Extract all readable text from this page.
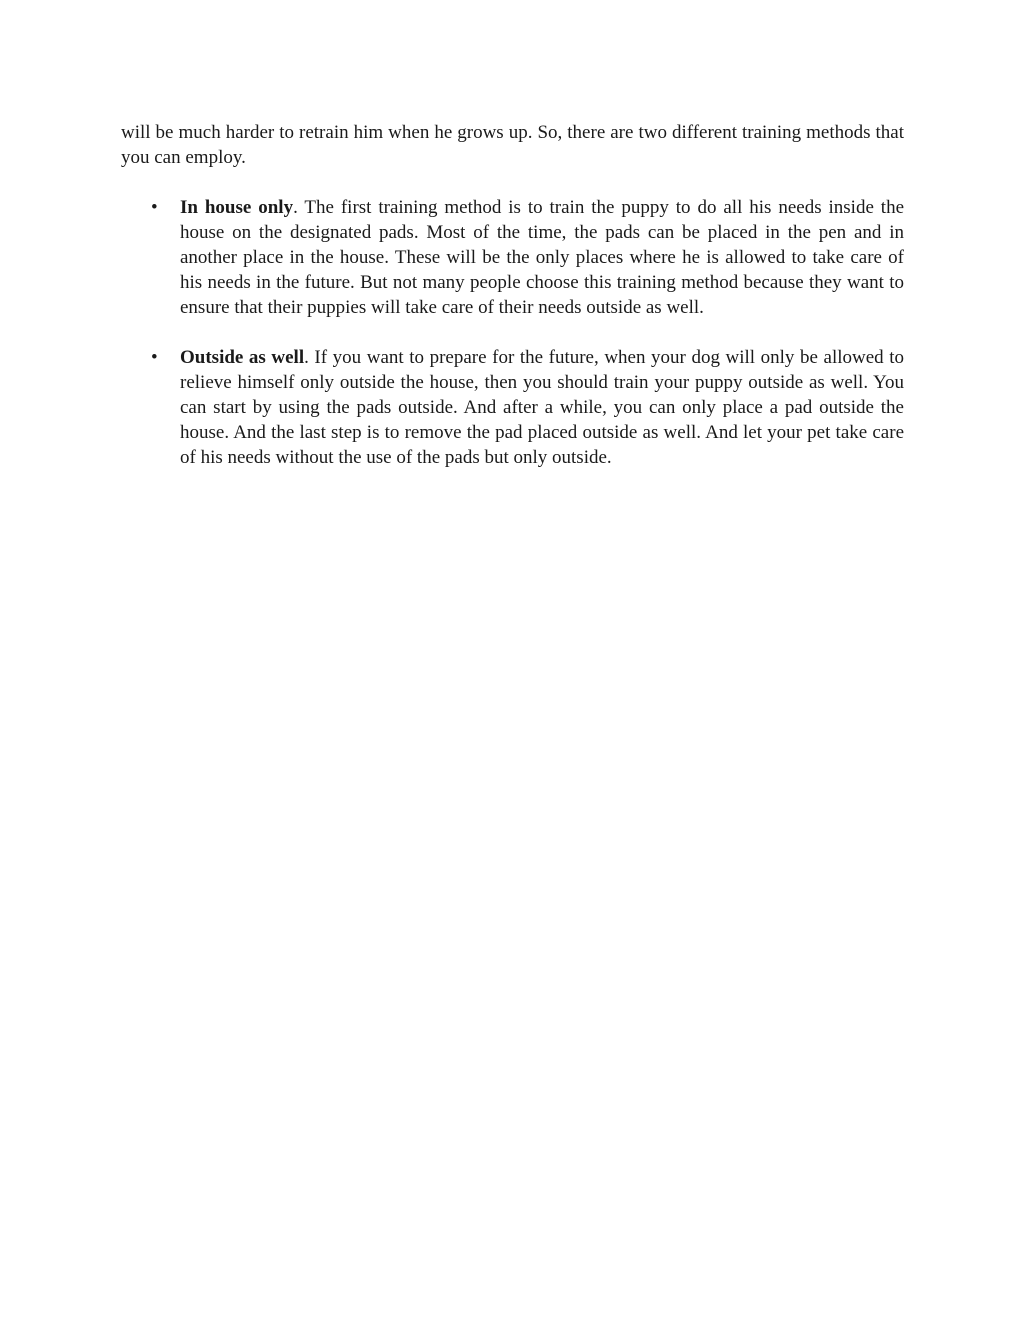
will be much harder to retrain him when he grows up. So, there are two different training methods that you can employ.

• In house only. The first training method is to train the puppy to do all his needs inside the house on the designated pads. Most of the time, the pads can be placed in the pen and in another place in the house. These will be the only places where he is allowed to take care of his needs in the future. But not many people choose this training method because they want to ensure that their puppies will take care of their needs outside as well.
• Outside as well. If you want to prepare for the future, when your dog will only be allowed to relieve himself only outside the house, then you should train your puppy outside as well. You can start by using the pads outside. And after a while, you can only place a pad outside the house. And the last step is to remove the pad placed outside as well. And let your pet take care of his needs without the use of the pads but only outside.
